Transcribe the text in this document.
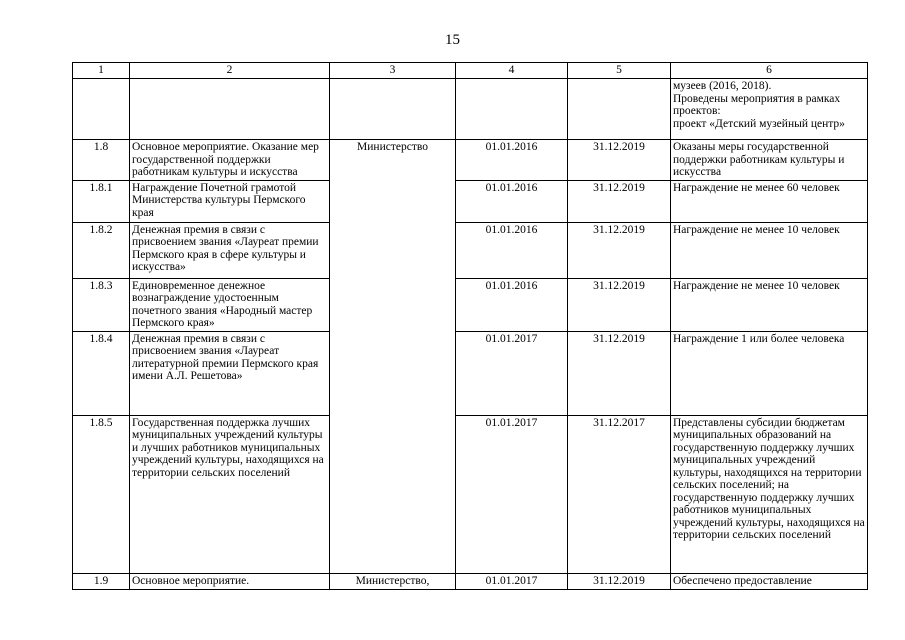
15
1	2	3	4	5	6
					музеев (2016, 2018).
Проведены мероприятия в рамках проектов:
проект «Детский музейный центр»
1.8	Основное мероприятие. Оказание мер государственной поддержки работникам культуры и искусства	Министерство	01.01.2016	31.12.2019	Оказаны меры государственной поддержки работникам культуры и искусства
1.8.1	Награждение Почетной грамотой Министерства культуры Пермского края		01.01.2016	31.12.2019	Награждение не менее 60 человек
1.8.2	Денежная премия в связи с присвоением звания «Лауреат премии Пермского края в сфере культуры и искусства»		01.01.2016	31.12.2019	Награждение не менее 10 человек
1.8.3	Единовременное денежное вознаграждение удостоенным почетного звания «Народный мастер Пермского края»		01.01.2016	31.12.2019	Награждение не менее 10 человек
1.8.4	Денежная премия в связи с присвоением звания «Лауреат литературной премии Пермского края имени А.Л. Решетова»		01.01.2017	31.12.2019	Награждение 1 или более человека
1.8.5	Государственная поддержка лучших муниципальных учреждений культуры и лучших работников муниципальных учреждений культуры, находящихся на территории сельских поселений		01.01.2017	31.12.2017	Представлены субсидии бюджетам муниципальных образований на государственную поддержку лучших муниципальных учреждений культуры, находящихся на территории сельских поселений; на государственную поддержку лучших работников муниципальных учреждений культуры, находящихся на территории сельских поселений
1.9	Основное мероприятие.	Министерство,	01.01.2017	31.12.2019	Обеспечено предоставление
